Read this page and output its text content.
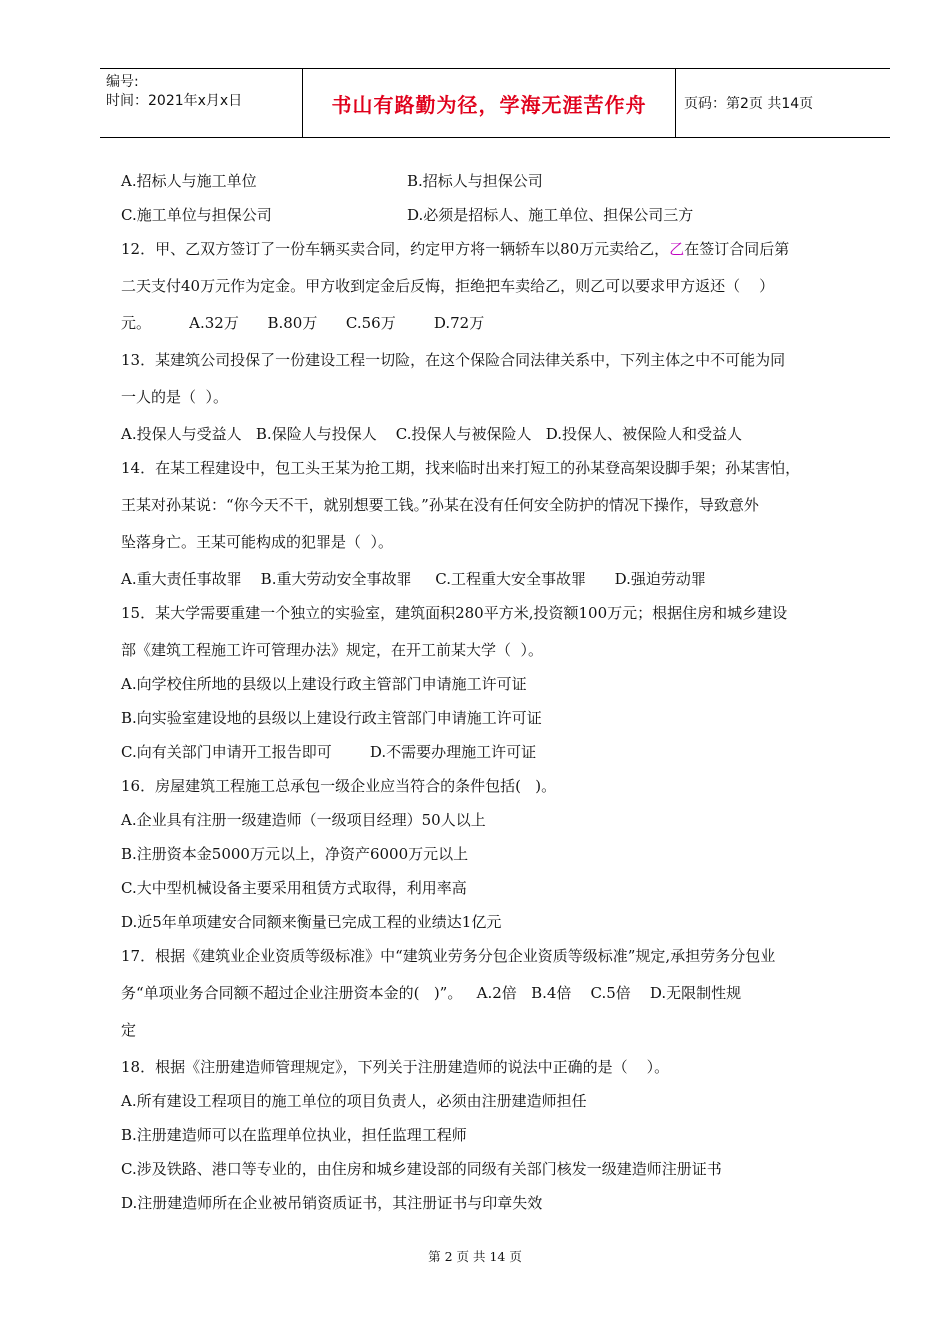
编号:
时间：2021年x月x日	书山有路勤为径，学海无涯苦作舟	页码：第2页 共14页
A.招标人与施工单位	B.招标人与担保公司
C.施工单位与担保公司	D.必须是招标人、施工单位、担保公司三方
12．甲、乙双方签订了一份车辆买卖合同，约定甲方将一辆轿车以80万元卖给乙，乙在签订合同后第
二天支付40万元作为定金。甲方收到定金后反悔，拒绝把车卖给乙，则乙可以要求甲方返还（    ）
元。        A.32万      B.80万      C.56万        D.72万
13．某建筑公司投保了一份建设工程一切险，在这个保险合同法律关系中，下列主体之中不可能为同
一人的是（  ）。
A.投保人与受益人   B.保险人与投保人    C.投保人与被保险人   D.投保人、被保险人和受益人
14．在某工程建设中，包工头王某为抢工期，找来临时出来打短工的孙某登高架设脚手架；孙某害怕，
王某对孙某说：“你今天不干，就别想要工钱。”孙某在没有任何安全防护的情况下操作，导致意外
坠落身亡。王某可能构成的犯罪是（  ）。
A.重大责任事故罪    B.重大劳动安全事故罪     C.工程重大安全事故罪      D.强迫劳动罪
15．某大学需要重建一个独立的实验室，建筑面积280平方米,投资额100万元；根据住房和城乡建设
部《建筑工程施工许可管理办法》规定，在开工前某大学（  ）。
A.向学校住所地的县级以上建设行政主管部门申请施工许可证
B.向实验室建设地的县级以上建设行政主管部门申请施工许可证
C.向有关部门申请开工报告即可        D.不需要办理施工许可证
16．房屋建筑工程施工总承包一级企业应当符合的条件包括(   )。
A.企业具有注册一级建造师（一级项目经理）50人以上
B.注册资本金5000万元以上，净资产6000万元以上
C.大中型机械设备主要采用租赁方式取得，利用率高
D.近5年单项建安合同额来衡量已完成工程的业绩达1亿元
17．根据《建筑业企业资质等级标准》中“建筑业劳务分包企业资质等级标准”规定,承担劳务分包业
务“单项业务合同额不超过企业注册资本金的(   )”。   A.2倍   B.4倍    C.5倍    D.无限制性规
定
18．根据《注册建造师管理规定》，下列关于注册建造师的说法中正确的是（    ）。
A.所有建设工程项目的施工单位的项目负责人，必须由注册建造师担任
B.注册建造师可以在监理单位执业，担任监理工程师
C.涉及铁路、港口等专业的，由住房和城乡建设部的同级有关部门核发一级建造师注册证书
D.注册建造师所在企业被吊销资质证书，其注册证书与印章失效
第 2 页 共 14 页
